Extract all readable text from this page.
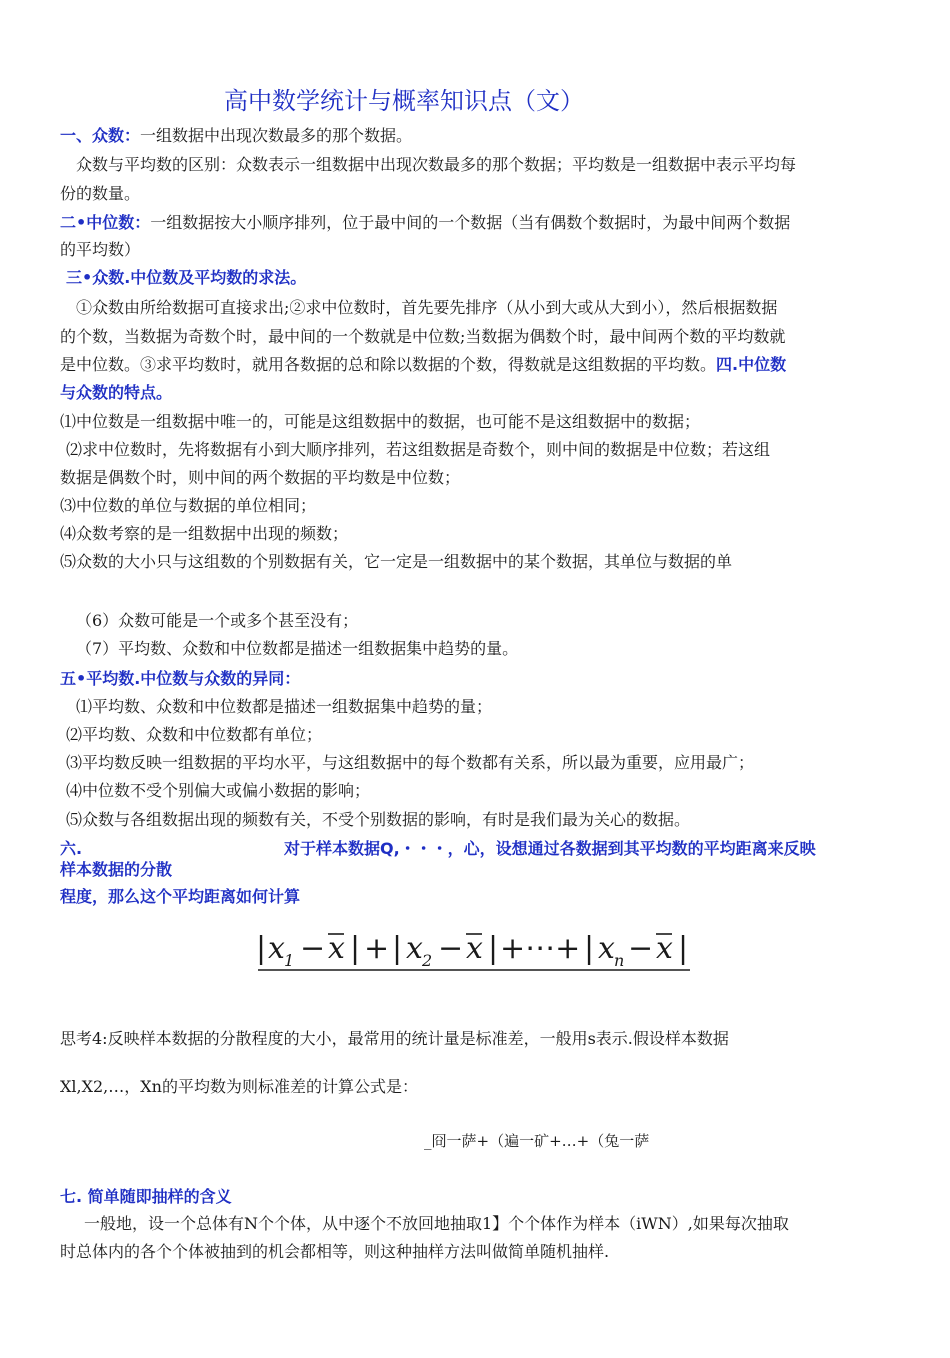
高中数学统计与概率知识点（文）
一、众数：一组数据中出现次数最多的那个数据。
众数与平均数的区别：众数表示一组数据中出现次数最多的那个数据；平均数是一组数据中表示平均每
份的数量。
二•中位数：一组数据按大小顺序排列，位于最中间的一个数据（当有偶数个数据时，为最中间两个数据
的平均数）
三•众数.中位数及平均数的求法。
①众数由所给数据可直接求出;②求中位数时，首先要先排序（从小到大或从大到小），然后根据数据
的个数，当数据为奇数个时，最中间的一个数就是中位数;当数据为偶数个时，最中间两个数的平均数就
是中位数。③求平均数时，就用各数据的总和除以数据的个数，得数就是这组数据的平均数。四.中位数
与众数的特点。
⑴中位数是一组数据中唯一的，可能是这组数据中的数据，也可能不是这组数据中的数据；
⑵求中位数时，先将数据有小到大顺序排列，若这组数据是奇数个，则中间的数据是中位数；若这组
数据是偶数个时，则中间的两个数据的平均数是中位数；
⑶中位数的单位与数据的单位相同；
⑷众数考察的是一组数据中出现的频数；
⑸众数的大小只与这组数的个别数据有关，它一定是一组数据中的某个数据，其单位与数据的单
（6）众数可能是一个或多个甚至没有；
（7）平均数、众数和中位数都是描述一组数据集中趋势的量。
五•平均数.中位数与众数的异同：
⑴平均数、众数和中位数都是描述一组数据集中趋势的量；
⑵平均数、众数和中位数都有单位；
⑶平均数反映一组数据的平均水平，与这组数据中的每个数都有关系，所以最为重要，应用最广；
⑷中位数不受个别偏大或偏小数据的影响；
⑸众数与各组数据出现的频数有关，不受个别数据的影响，有时是我们最为关心的数据。
六.	对于样本数据Q,・・・，心，设想通过各数据到其平均数的平均距离来反映
样本数据的分散
程度，那么这个平均距离如何计算
| x 1 − x | + | x 2 − x | +⋯+ | x n − x |
思考4:反映样本数据的分散程度的大小，最常用的统计量是标准差，一般用s表示.假设样本数据
Xl,X2,…，Xn的平均数为则标准差的计算公式是：
_冏一萨+（遍一矿+…+（兔一萨
七. 简单随即抽样的含义
一般地，设一个总体有N个个体，从中逐个不放回地抽取1】个个体作为样本（iWN）,如果每次抽取
时总体内的各个个体被抽到的机会都相等，则这种抽样方法叫做简单随机抽样.
